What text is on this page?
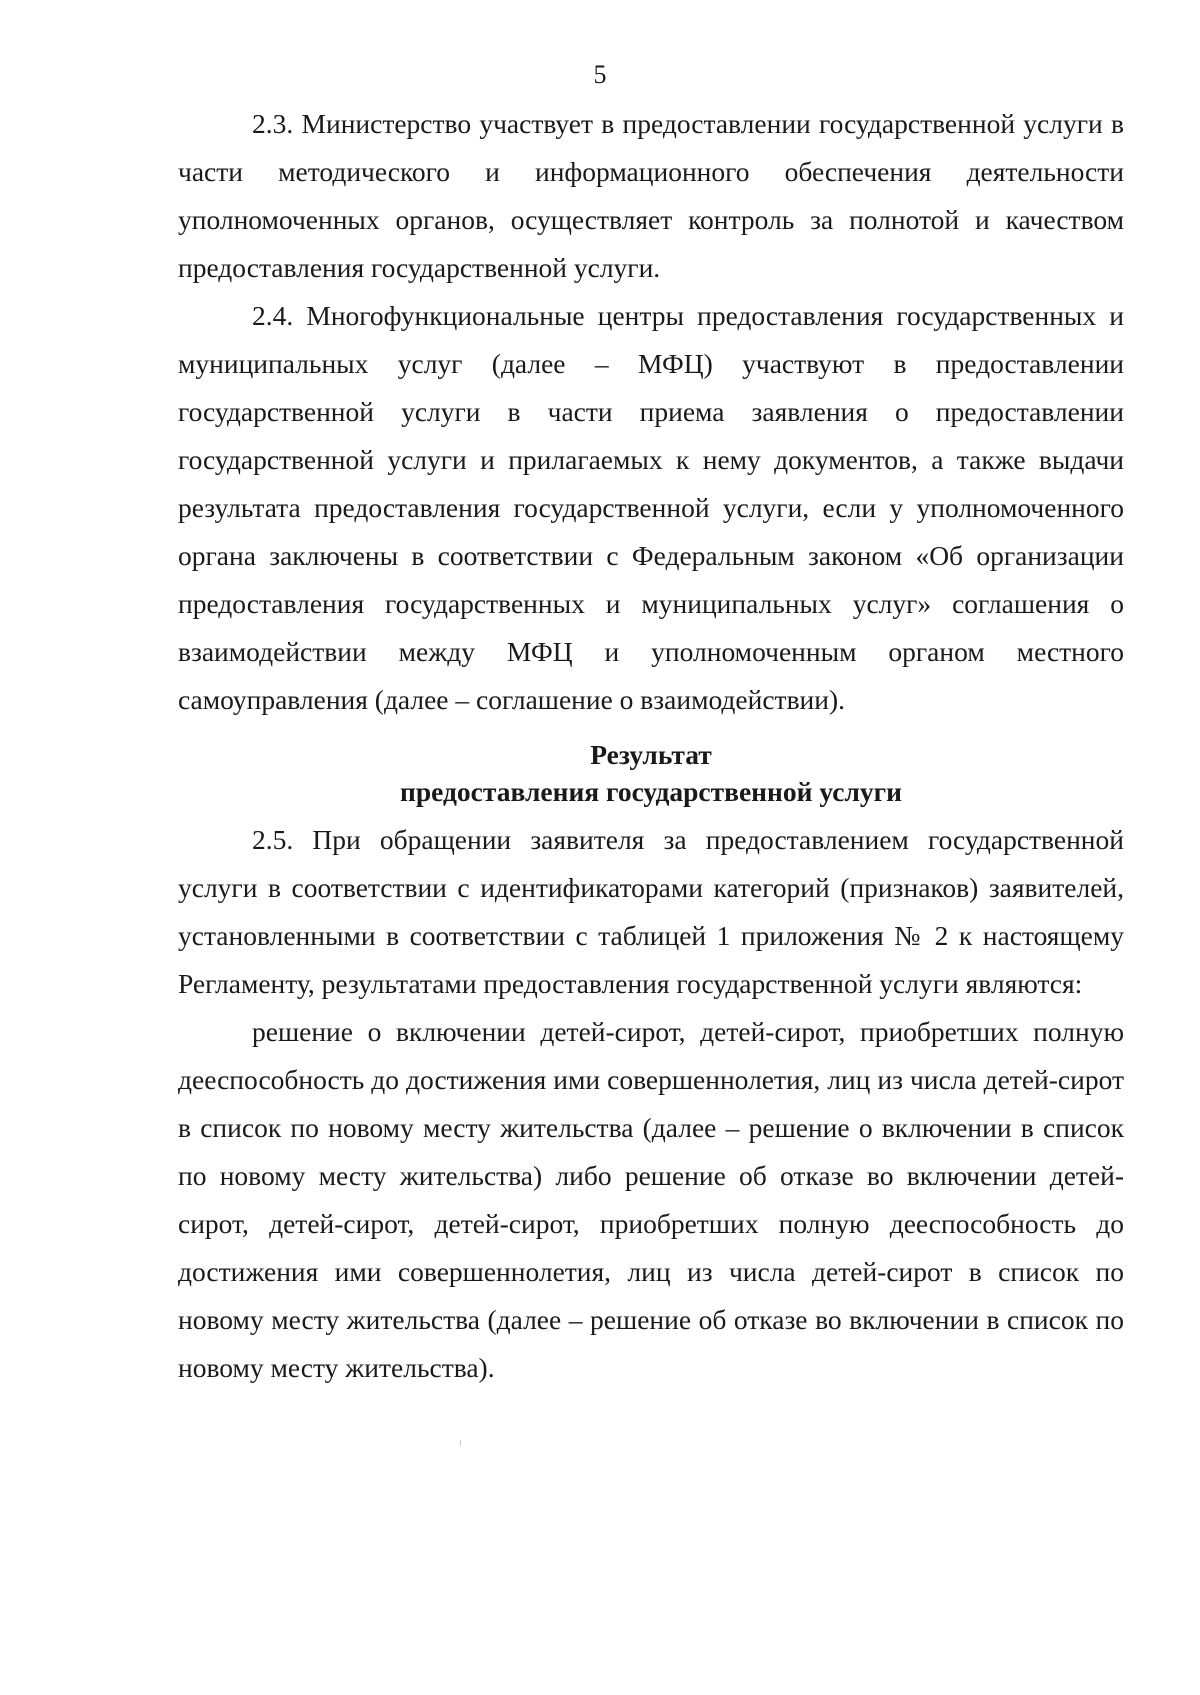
5

2.3. Министерство участвует в предоставлении государственной услуги в части методического и информационного обеспечения деятельности уполномоченных органов, осуществляет контроль за полнотой и качеством предоставления государственной услуги.

2.4. Многофункциональные центры предоставления государственных и муниципальных услуг (далее – МФЦ) участвуют в предоставлении государственной услуги в части приема заявления о предоставлении государственной услуги и прилагаемых к нему документов, а также выдачи результата предоставления государственной услуги, если у уполномоченного органа заключены в соответствии с Федеральным законом «Об организации предоставления государственных и муниципальных услуг» соглашения о взаимодействии между МФЦ и уполномоченным органом местного самоуправления (далее – соглашение о взаимодействии).

Результат
предоставления государственной услуги

2.5. При обращении заявителя за предоставлением государственной услуги в соответствии с идентификаторами категорий (признаков) заявителей, установленными в соответствии с таблицей 1 приложения № 2 к настоящему Регламенту, результатами предоставления государственной услуги являются:

решение о включении детей-сирот, детей-сирот, приобретших полную дееспособность до достижения ими совершеннолетия, лиц из числа детей-сирот в список по новому месту жительства (далее – решение о включении в список по новому месту жительства) либо решение об отказе во включении детей-сирот, детей-сирот, детей-сирот, приобретших полную дееспособность до достижения ими совершеннолетия, лиц из числа детей-сирот в список по новому месту жительства (далее – решение об отказе во включении в список по новому месту жительства).
